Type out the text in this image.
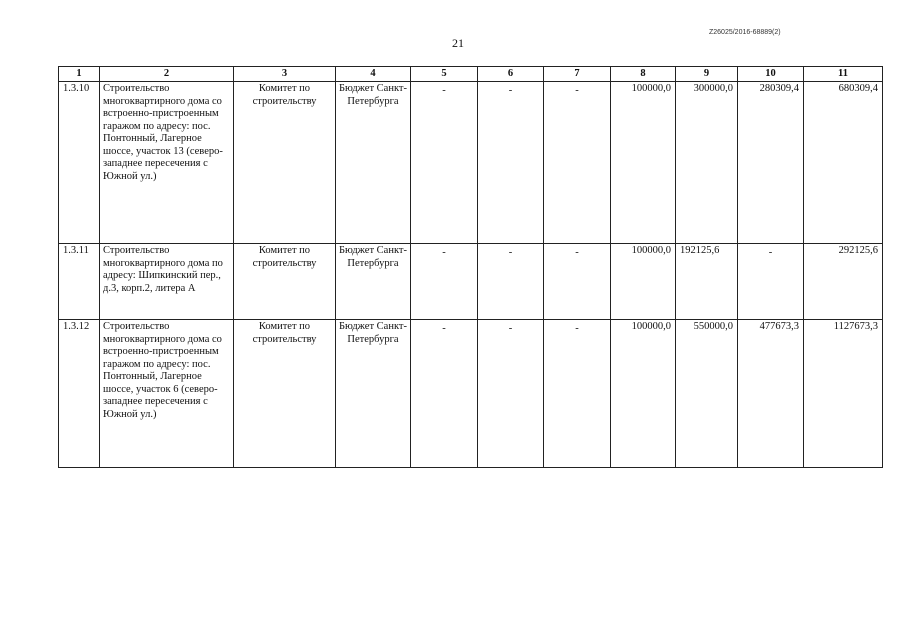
21
Z26025/2016-68889(2)
1	2	3	4	5	6	7	8	9	10	11
1.3.10	Строительство многоквартирного дома со встроенно-пристроенным гаражом по адресу: пос. Понтонный, Лагерное шоссе, участок 13 (северо-западнее пересечения с Южной ул.)	Комитет по строительству	Бюджет Санкт-Петербурга	-	-	-	100000,0	300000,0	280309,4	680309,4
1.3.11	Строительство многоквартирного дома по адресу: Шипкинский пер., д.3, корп.2, литера А	Комитет по строительству	Бюджет Санкт-Петербурга	-	-	-	100000,0	192125,6	-	292125,6
1.3.12	Строительство многоквартирного дома со встроенно-пристроенным гаражом по адресу: пос. Понтонный, Лагерное шоссе, участок 6 (северо-западнее пересечения с Южной ул.)	Комитет по строительству	Бюджет Санкт-Петербурга	-	-	-	100000,0	550000,0	477673,3	1127673,3
